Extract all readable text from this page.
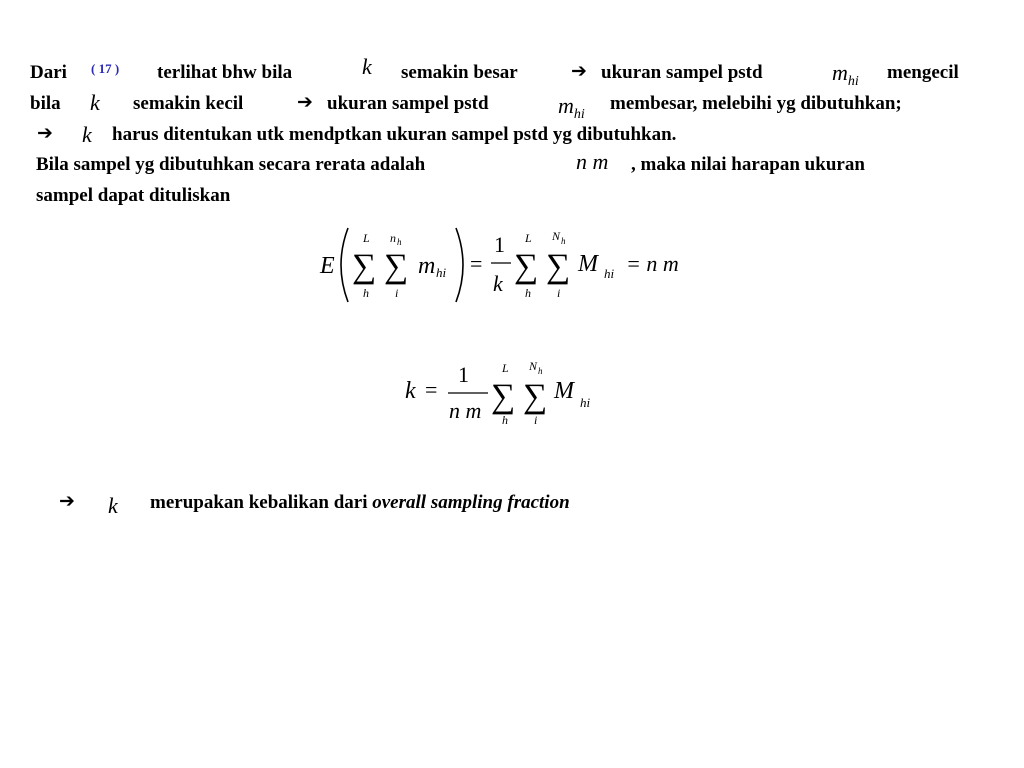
Dari ( 17 ) terlihat bhw bila	k semakin besar	➔ ukuran sampel pstd	$m_{hi}$ mengecil
bila k semakin kecil	➔ ukuran sampel pstd	$m_{hi}$
membesar, melebihi yg dibutuhkan;
➔ k harus ditentukan utk mendptkan ukuran sampel pstd yg dibutuhkan.
Bila sampel yg dibutuhkan secara rerata adalah	n m , maka nilai harapan ukuran
sampel dapat dituliskan
E
L
∑
h
n h
∑
i
m hi =
1
k
L
∑
h
N h
∑
i
M hi = n m
k =
1
n m
L
∑
h
N h
∑
i
M hi
➔ k merupakan kebalikan dari overall sampling fraction
